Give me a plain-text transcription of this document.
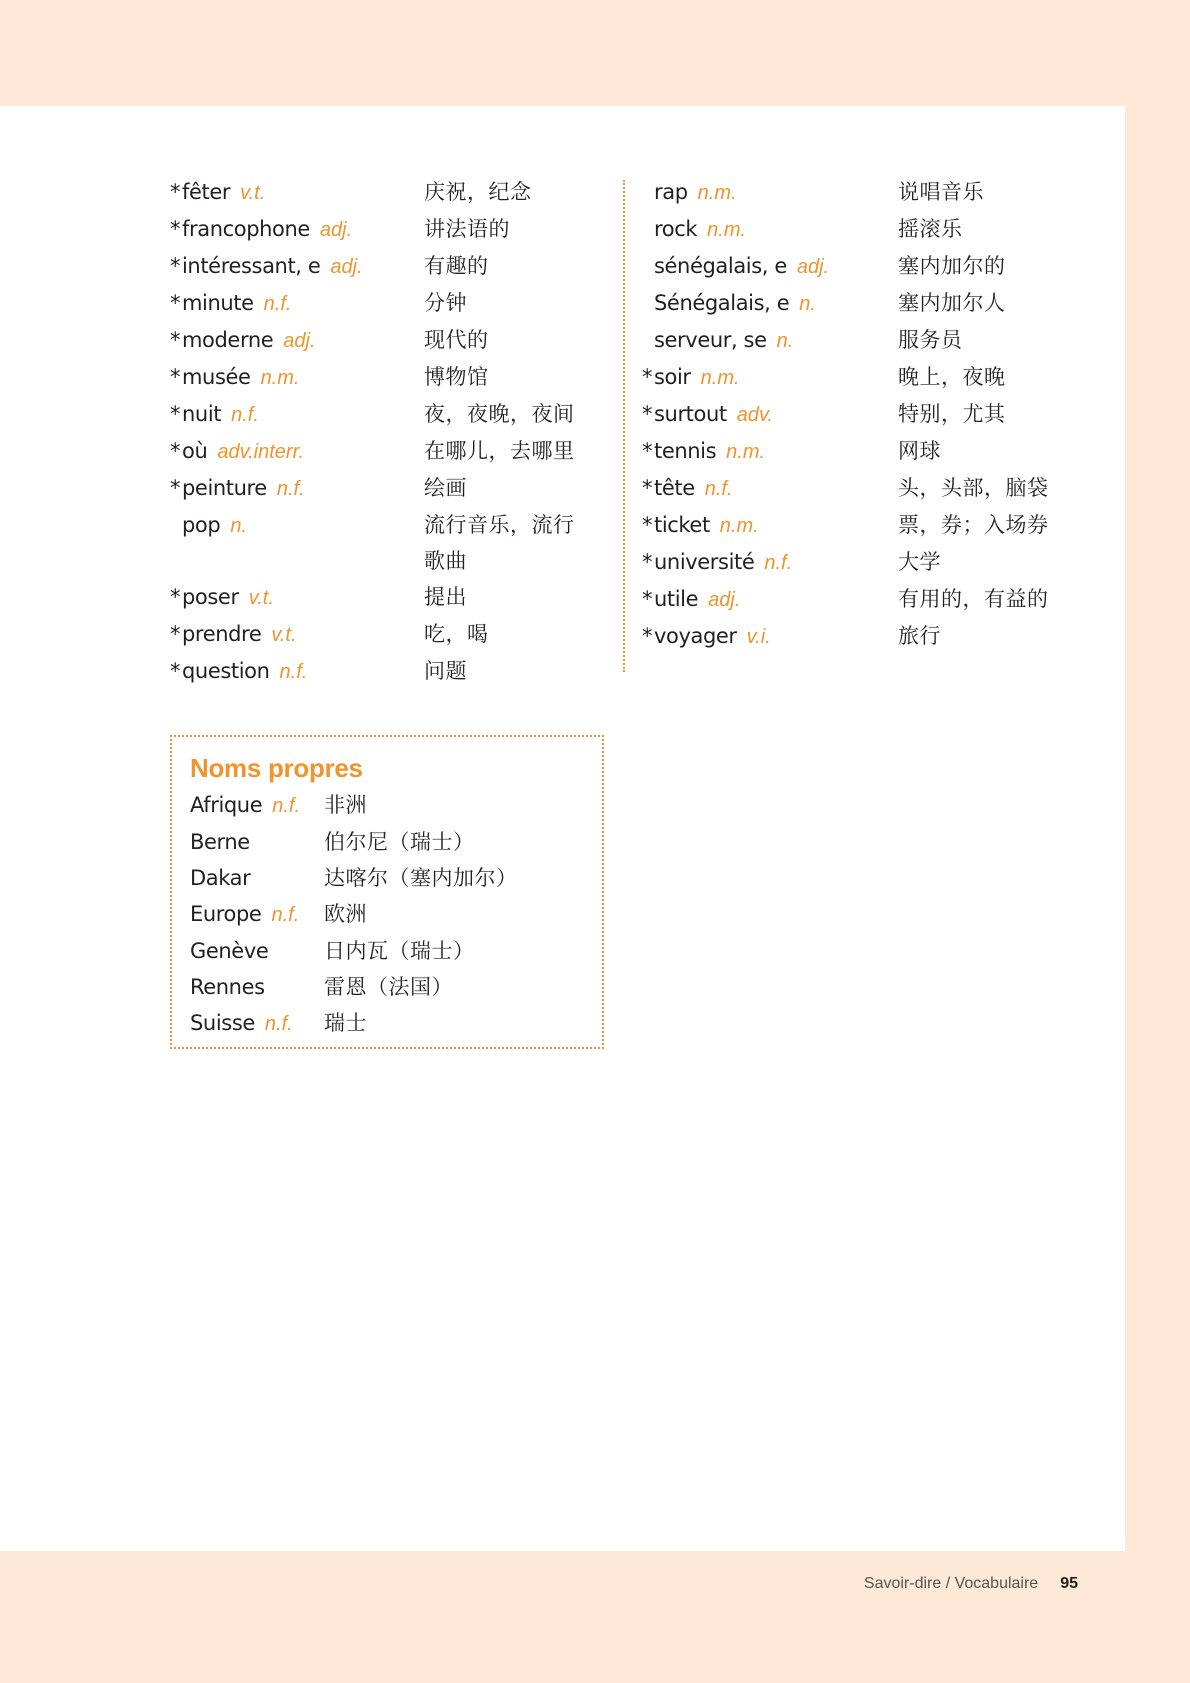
* fêter v.t.	庆祝，纪念
* francophone adj.	讲法语的
* intéressant, e adj.	有趣的
* minute n.f.	分钟
* moderne adj.	现代的
* musée n.m.	博物馆
* nuit n.f.	夜，夜晚，夜间
* où adv.interr.	在哪儿，去哪里
* peinture n.f.	绘画
pop n.	流行音乐，流行歌曲
* poser v.t.	提出
* prendre v.t.	吃，喝
* question n.f.	问题
rap n.m.	说唱音乐
rock n.m.	摇滚乐
sénégalais, e adj.	塞内加尔的
Sénégalais, e n.	塞内加尔人
serveur, se n.	服务员
* soir n.m.	晚上，夜晚
* surtout adv.	特别，尤其
* tennis n.m.	网球
* tête n.f.	头，头部，脑袋
* ticket n.m.	票，券；入场券
* université n.f.	大学
* utile adj.	有用的，有益的
* voyager v.i.	旅行
Noms propres
Afrique n.f. 非洲
Berne	伯尔尼（瑞士）
Dakar	达喀尔（塞内加尔）
Europe n.f. 欧洲
Genève	日内瓦（瑞士）
Rennes	雷恩（法国）
Suisse n.f. 瑞士
Savoir-dire / Vocabulaire 95
